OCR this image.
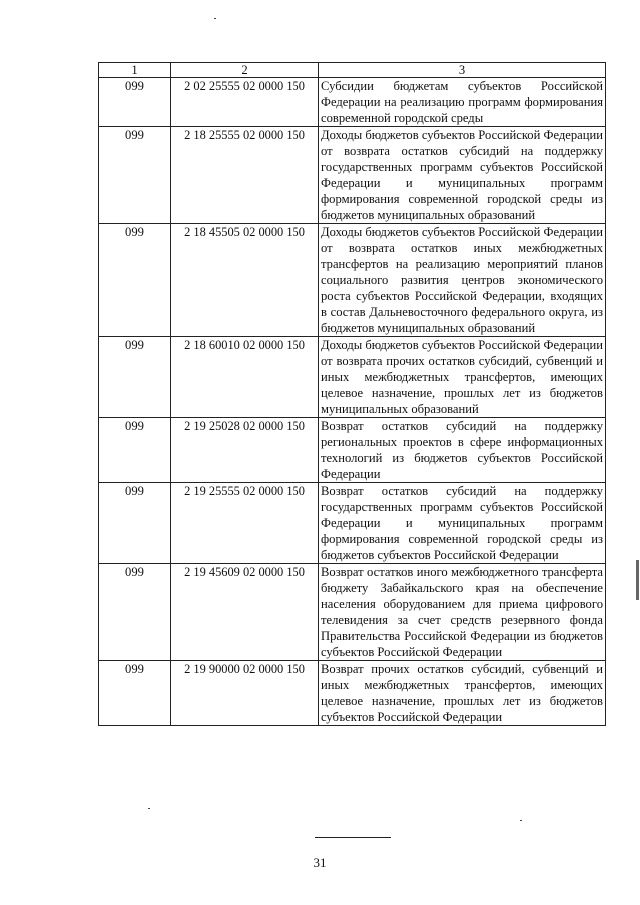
1	2	3
099	2 02 25555 02 0000 150	Субсидии бюджетам субъектов Российской Федерации на реализацию программ формирования современной городской среды
099	2 18 25555 02 0000 150	Доходы бюджетов субъектов Российской Федерации от возврата остатков субсидий на поддержку государственных программ субъектов Российской Федерации и муниципальных программ формирования современной городской среды из бюджетов муниципальных образований
099	2 18 45505 02 0000 150	Доходы бюджетов субъектов Российской Федерации от возврата остатков иных межбюджетных трансфертов на реализацию мероприятий планов социального развития центров экономического роста субъектов Российской Федерации, входящих в состав Дальневосточного федерального округа, из бюджетов муниципальных образований
099	2 18 60010 02 0000 150	Доходы бюджетов субъектов Российской Федерации от возврата прочих остатков субсидий, субвенций и иных межбюджетных трансфертов, имеющих целевое назначение, прошлых лет из бюджетов муниципальных образований
099	2 19 25028 02 0000 150	Возврат остатков субсидий на поддержку региональных проектов в сфере информационных технологий из бюджетов субъектов Российской Федерации
099	2 19 25555 02 0000 150	Возврат остатков субсидий на поддержку государственных программ субъектов Российской Федерации и муниципальных программ формирования современной городской среды из бюджетов субъектов Российской Федерации
099	2 19 45609 02 0000 150	Возврат остатков иного межбюджетного трансферта бюджету Забайкальского края на обеспечение населения оборудованием для приема цифрового телевидения за счет средств резервного фонда Правительства Российской Федерации из бюджетов субъектов Российской Федерации
099	2 19 90000 02 0000 150	Возврат прочих остатков субсидий, субвенций и иных межбюджетных трансфертов, имеющих целевое назначение, прошлых лет из бюджетов субъектов Российской Федерации
31
